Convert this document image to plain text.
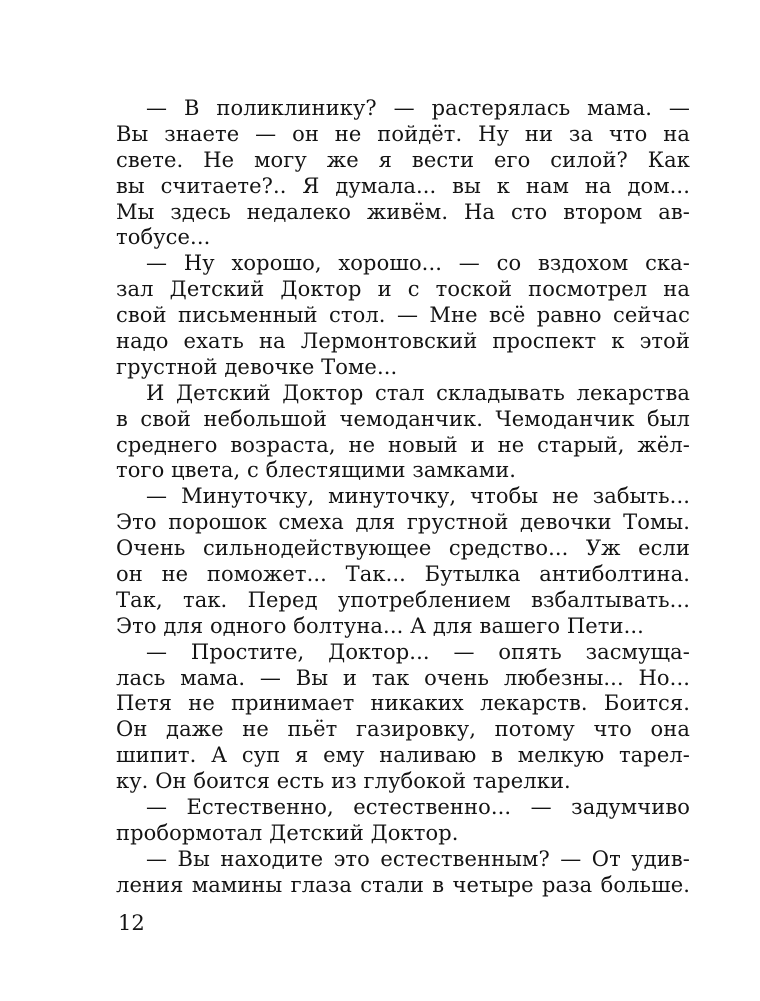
— В поликлинику? — растерялась мама. —
Вы знаете — он не пойдёт. Ну ни за что на
свете. Не могу же я вести его силой? Как
вы считаете?.. Я думала... вы к нам на дом...
Мы здесь недалеко живём. На сто втором ав-
тобусе...
— Ну хорошо, хорошо... — со вздохом ска-
зал Детский Доктор и с тоской посмотрел на
свой письменный стол. — Мне всё равно сейчас
надо ехать на Лермонтовский проспект к этой
грустной девочке Томе...
И Детский Доктор стал складывать лекарства
в свой небольшой чемоданчик. Чемоданчик был
среднего возраста, не новый и не старый, жёл-
того цвета, с блестящими замками.
— Минуточку, минуточку, чтобы не забыть...
Это порошок смеха для грустной девочки Томы.
Очень сильнодействующее средство... Уж если
он не поможет... Так... Бутылка антиболтина.
Так, так. Перед употреблением взбалтывать...
Это для одного болтуна... А для вашего Пети...
— Простите, Доктор... — опять засмуща-
лась мама. — Вы и так очень любезны... Но...
Петя не принимает никаких лекарств. Боится.
Он даже не пьёт газировку, потому что она
шипит. А суп я ему наливаю в мелкую тарел-
ку. Он боится есть из глубокой тарелки.
— Естественно, естественно... — задумчиво
пробормотал Детский Доктор.
— Вы находите это естественным? — От удив-
ления мамины глаза стали в четыре раза больше.
12
